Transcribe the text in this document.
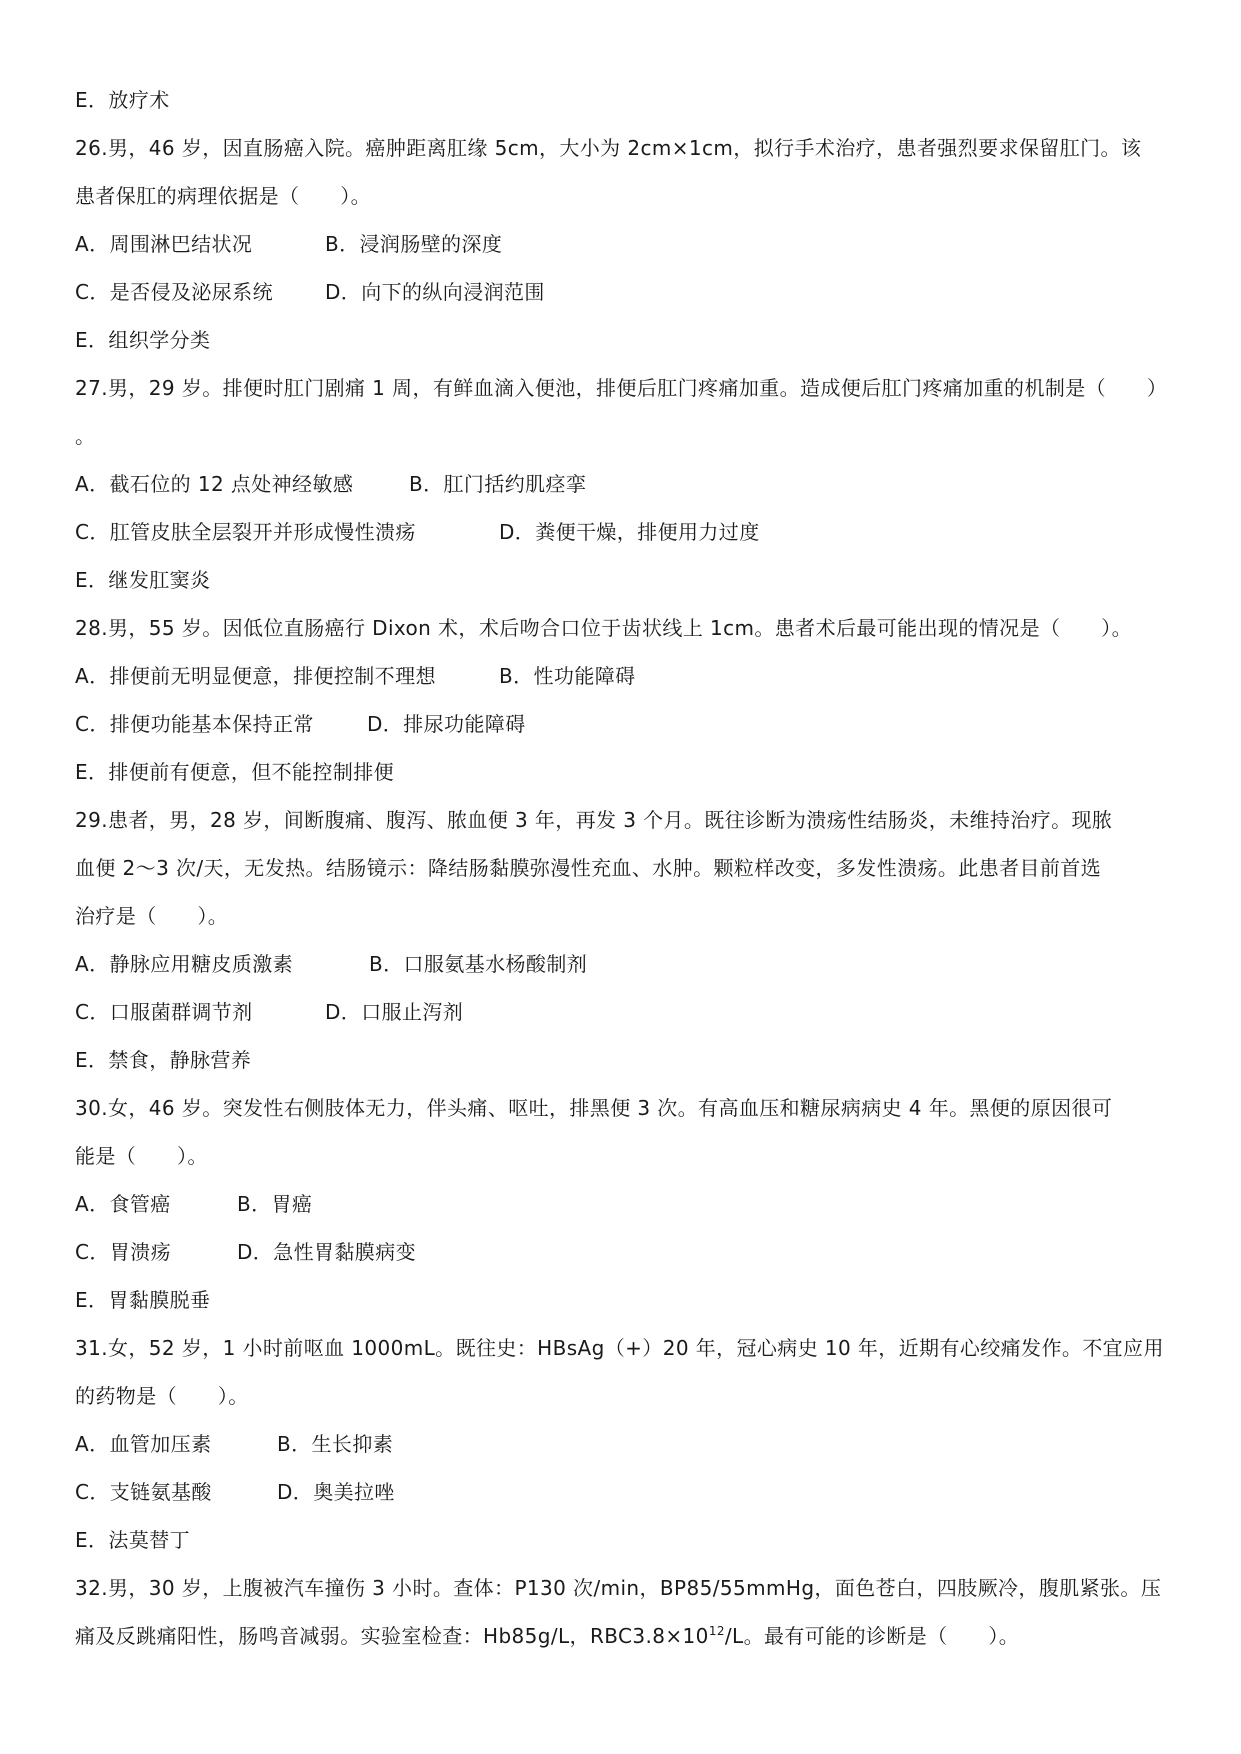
E．放疗术
26.男，46 岁，因直肠癌入院。癌肿距离肛缘 5cm，大小为 2cm×1cm，拟行手术治疗，患者强烈要求保留肛门。该
患者保肛的病理依据是（　　）。
A．周围淋巴结状况	B．浸润肠壁的深度
C．是否侵及泌尿系统	D．向下的纵向浸润范围
E．组织学分类
27.男，29 岁。排便时肛门剧痛 1 周，有鲜血滴入便池，排便后肛门疼痛加重。造成便后肛门疼痛加重的机制是（　　）
。
A．截石位的 12 点处神经敏感	B．肛门括约肌痉挛
C．肛管皮肤全层裂开并形成慢性溃疡	D．粪便干燥，排便用力过度
E．继发肛窦炎
28.男，55 岁。因低位直肠癌行 Dixon 术，术后吻合口位于齿状线上 1cm。患者术后最可能出现的情况是（　　）。
A．排便前无明显便意，排便控制不理想	B．性功能障碍
C．排便功能基本保持正常	D．排尿功能障碍
E．排便前有便意，但不能控制排便
29.患者，男，28 岁，间断腹痛、腹泻、脓血便 3 年，再发 3 个月。既往诊断为溃疡性结肠炎，未维持治疗。现脓
血便 2～3 次/天，无发热。结肠镜示：降结肠黏膜弥漫性充血、水肿。颗粒样改变，多发性溃疡。此患者目前首选
治疗是（　　）。
A．静脉应用糖皮质激素	B．口服氨基水杨酸制剂
C．口服菌群调节剂	D．口服止泻剂
E．禁食，静脉营养
30.女，46 岁。突发性右侧肢体无力，伴头痛、呕吐，排黑便 3 次。有高血压和糖尿病病史 4 年。黑便的原因很可
能是（　　）。
A．食管癌	B．胃癌
C．胃溃疡	D．急性胃黏膜病变
E．胃黏膜脱垂
31.女，52 岁，1 小时前呕血 1000mL。既往史：HBsAg（+）20 年，冠心病史 10 年，近期有心绞痛发作。不宜应用
的药物是（　　）。
A．血管加压素	B．生长抑素
C．支链氨基酸	D．奥美拉唑
E．法莫替丁
32.男，30 岁，上腹被汽车撞伤 3 小时。查体：P130 次/min，BP85/55mmHg，面色苍白，四肢厥冷，腹肌紧张。压
痛及反跳痛阳性，肠鸣音减弱。实验室检查：Hb85g/L，$RBC3.8\times 10^{12}/L$。最有可能的诊断是（　　）。
